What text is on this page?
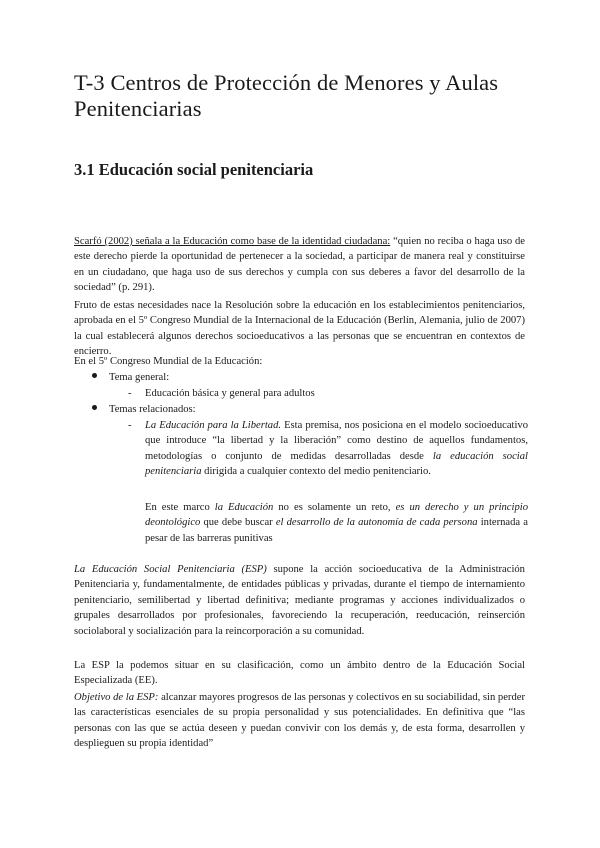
T-3 Centros de Protección de Menores y Aulas Penitenciarias
3.1 Educación social penitenciaria

Scarfó (2002) señala a la Educación como base de la identidad ciudadana: “quien no reciba o haga uso de este derecho pierde la oportunidad de pertenecer a la sociedad, a participar de manera real y constituirse en un ciudadano, que haga uso de sus derechos y cumpla con sus deberes a favor del desarrollo de la sociedad” (p. 291).

Fruto de estas necesidades nace la Resolución sobre la educación en los establecimientos penitenciarios, aprobada en el 5º Congreso Mundial de la Internacional de la Educación (Berlín, Alemania, julio de 2007) la cual establecerá algunos derechos socioeducativos a las personas que se encuentran en contextos de encierro.

En el 5º Congreso Mundial de la Educación:

Tema general:
- Educación básica y general para adultos
Temas relacionados:
- La Educación para la Libertad. Esta premisa, nos posiciona en el modelo socioeducativo que introduce “la libertad y la liberación” como destino de aquellos fundamentos, metodologías o conjunto de medidas desarrolladas desde la educación social penitenciaria dirigida a cualquier contexto del medio penitenciario.

En este marco la Educación no es solamente un reto, es un derecho y un principio deontológico que debe buscar el desarrollo de la autonomía de cada persona internada a pesar de las barreras punitivas

La Educación Social Penitenciaria (ESP) supone la acción socioeducativa de la Administración Penitenciaria y, fundamentalmente, de entidades públicas y privadas, durante el tiempo de internamiento penitenciario, semilibertad y libertad definitiva; mediante programas y acciones individualizados o grupales desarrollados por profesionales, favoreciendo la recuperación, reeducación, reinserción sociolaboral y socialización para la reincorporación a su comunidad.

La ESP la podemos situar en su clasificación, como un ámbito dentro de la Educación Social Especializada (EE).

Objetivo de la ESP: alcanzar mayores progresos de las personas y colectivos en su sociabilidad, sin perder las características esenciales de su propia personalidad y sus potencialidades. En definitiva que “las personas con las que se actúa deseen y puedan convivir con los demás y, de esta forma, desarrollen y desplieguen su propia identidad”
